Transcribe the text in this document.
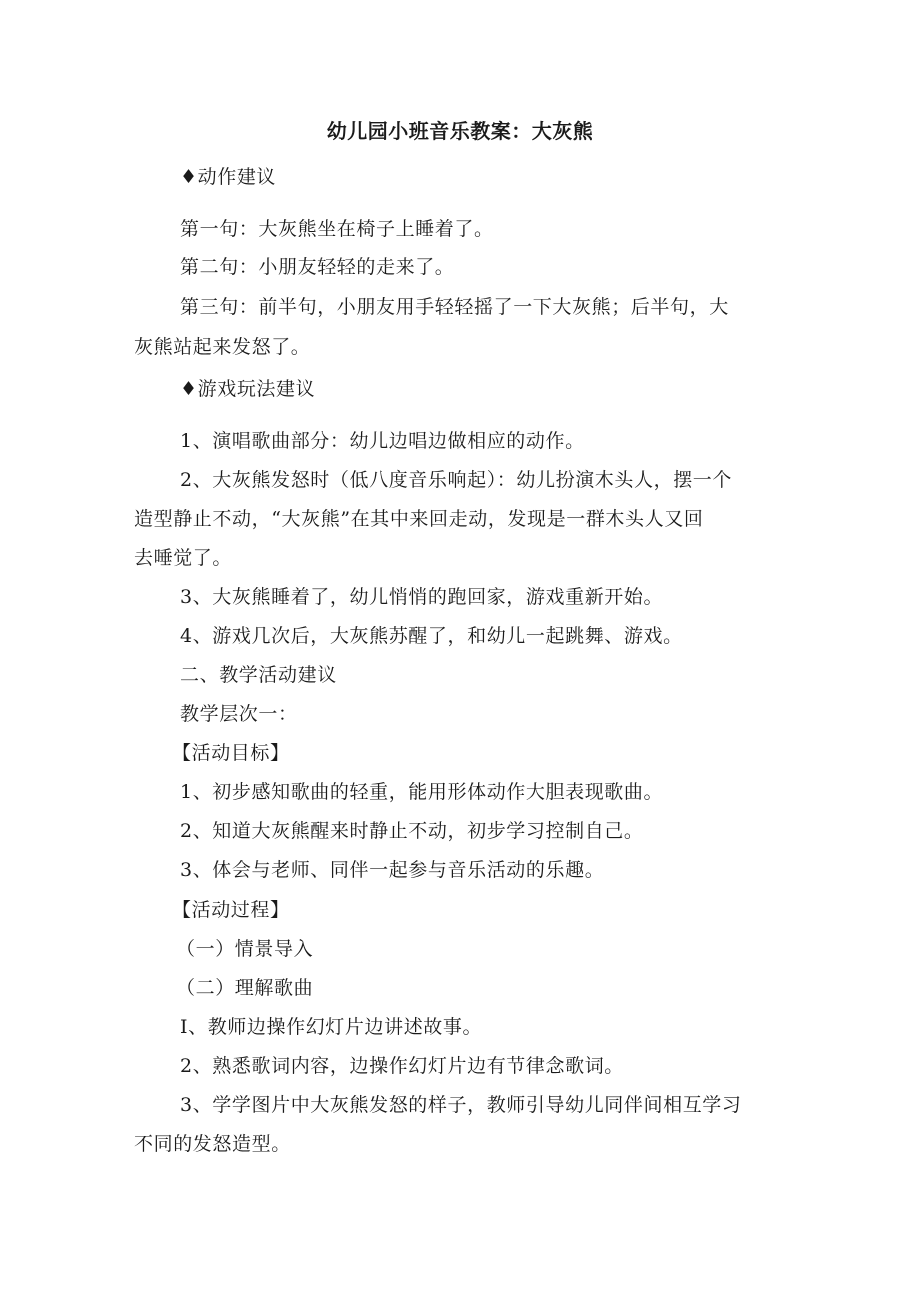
幼儿园小班音乐教案：大灰熊
♦动作建议
第一句：大灰熊坐在椅子上睡着了。
第二句：小朋友轻轻的走来了。
第三句：前半句，小朋友用手轻轻摇了一下大灰熊；后半句，大
灰熊站起来发怒了。
♦游戏玩法建议
1、演唱歌曲部分：幼儿边唱边做相应的动作。
2、大灰熊发怒时（低八度音乐响起）：幼儿扮演木头人，摆一个
造型静止不动，“大灰熊”在其中来回走动，发现是一群木头人又回
去唾觉了。
3、大灰熊睡着了，幼儿悄悄的跑回家，游戏重新开始。
4、游戏几次后，大灰熊苏醒了，和幼儿一起跳舞、游戏。
二、教学活动建议
教学层次一：
【活动目标】
1、初步感知歌曲的轻重，能用形体动作大胆表现歌曲。
2、知道大灰熊醒来时静止不动，初步学习控制自己。
3、体会与老师、同伴一起参与音乐活动的乐趣。
【活动过程】
（一）情景导入
（二）理解歌曲
I、教师边操作幻灯片边讲述故事。
2、熟悉歌词内容，边操作幻灯片边有节律念歌词。
3、学学图片中大灰熊发怒的样子，教师引导幼儿同伴间相互学习
不同的发怒造型。
